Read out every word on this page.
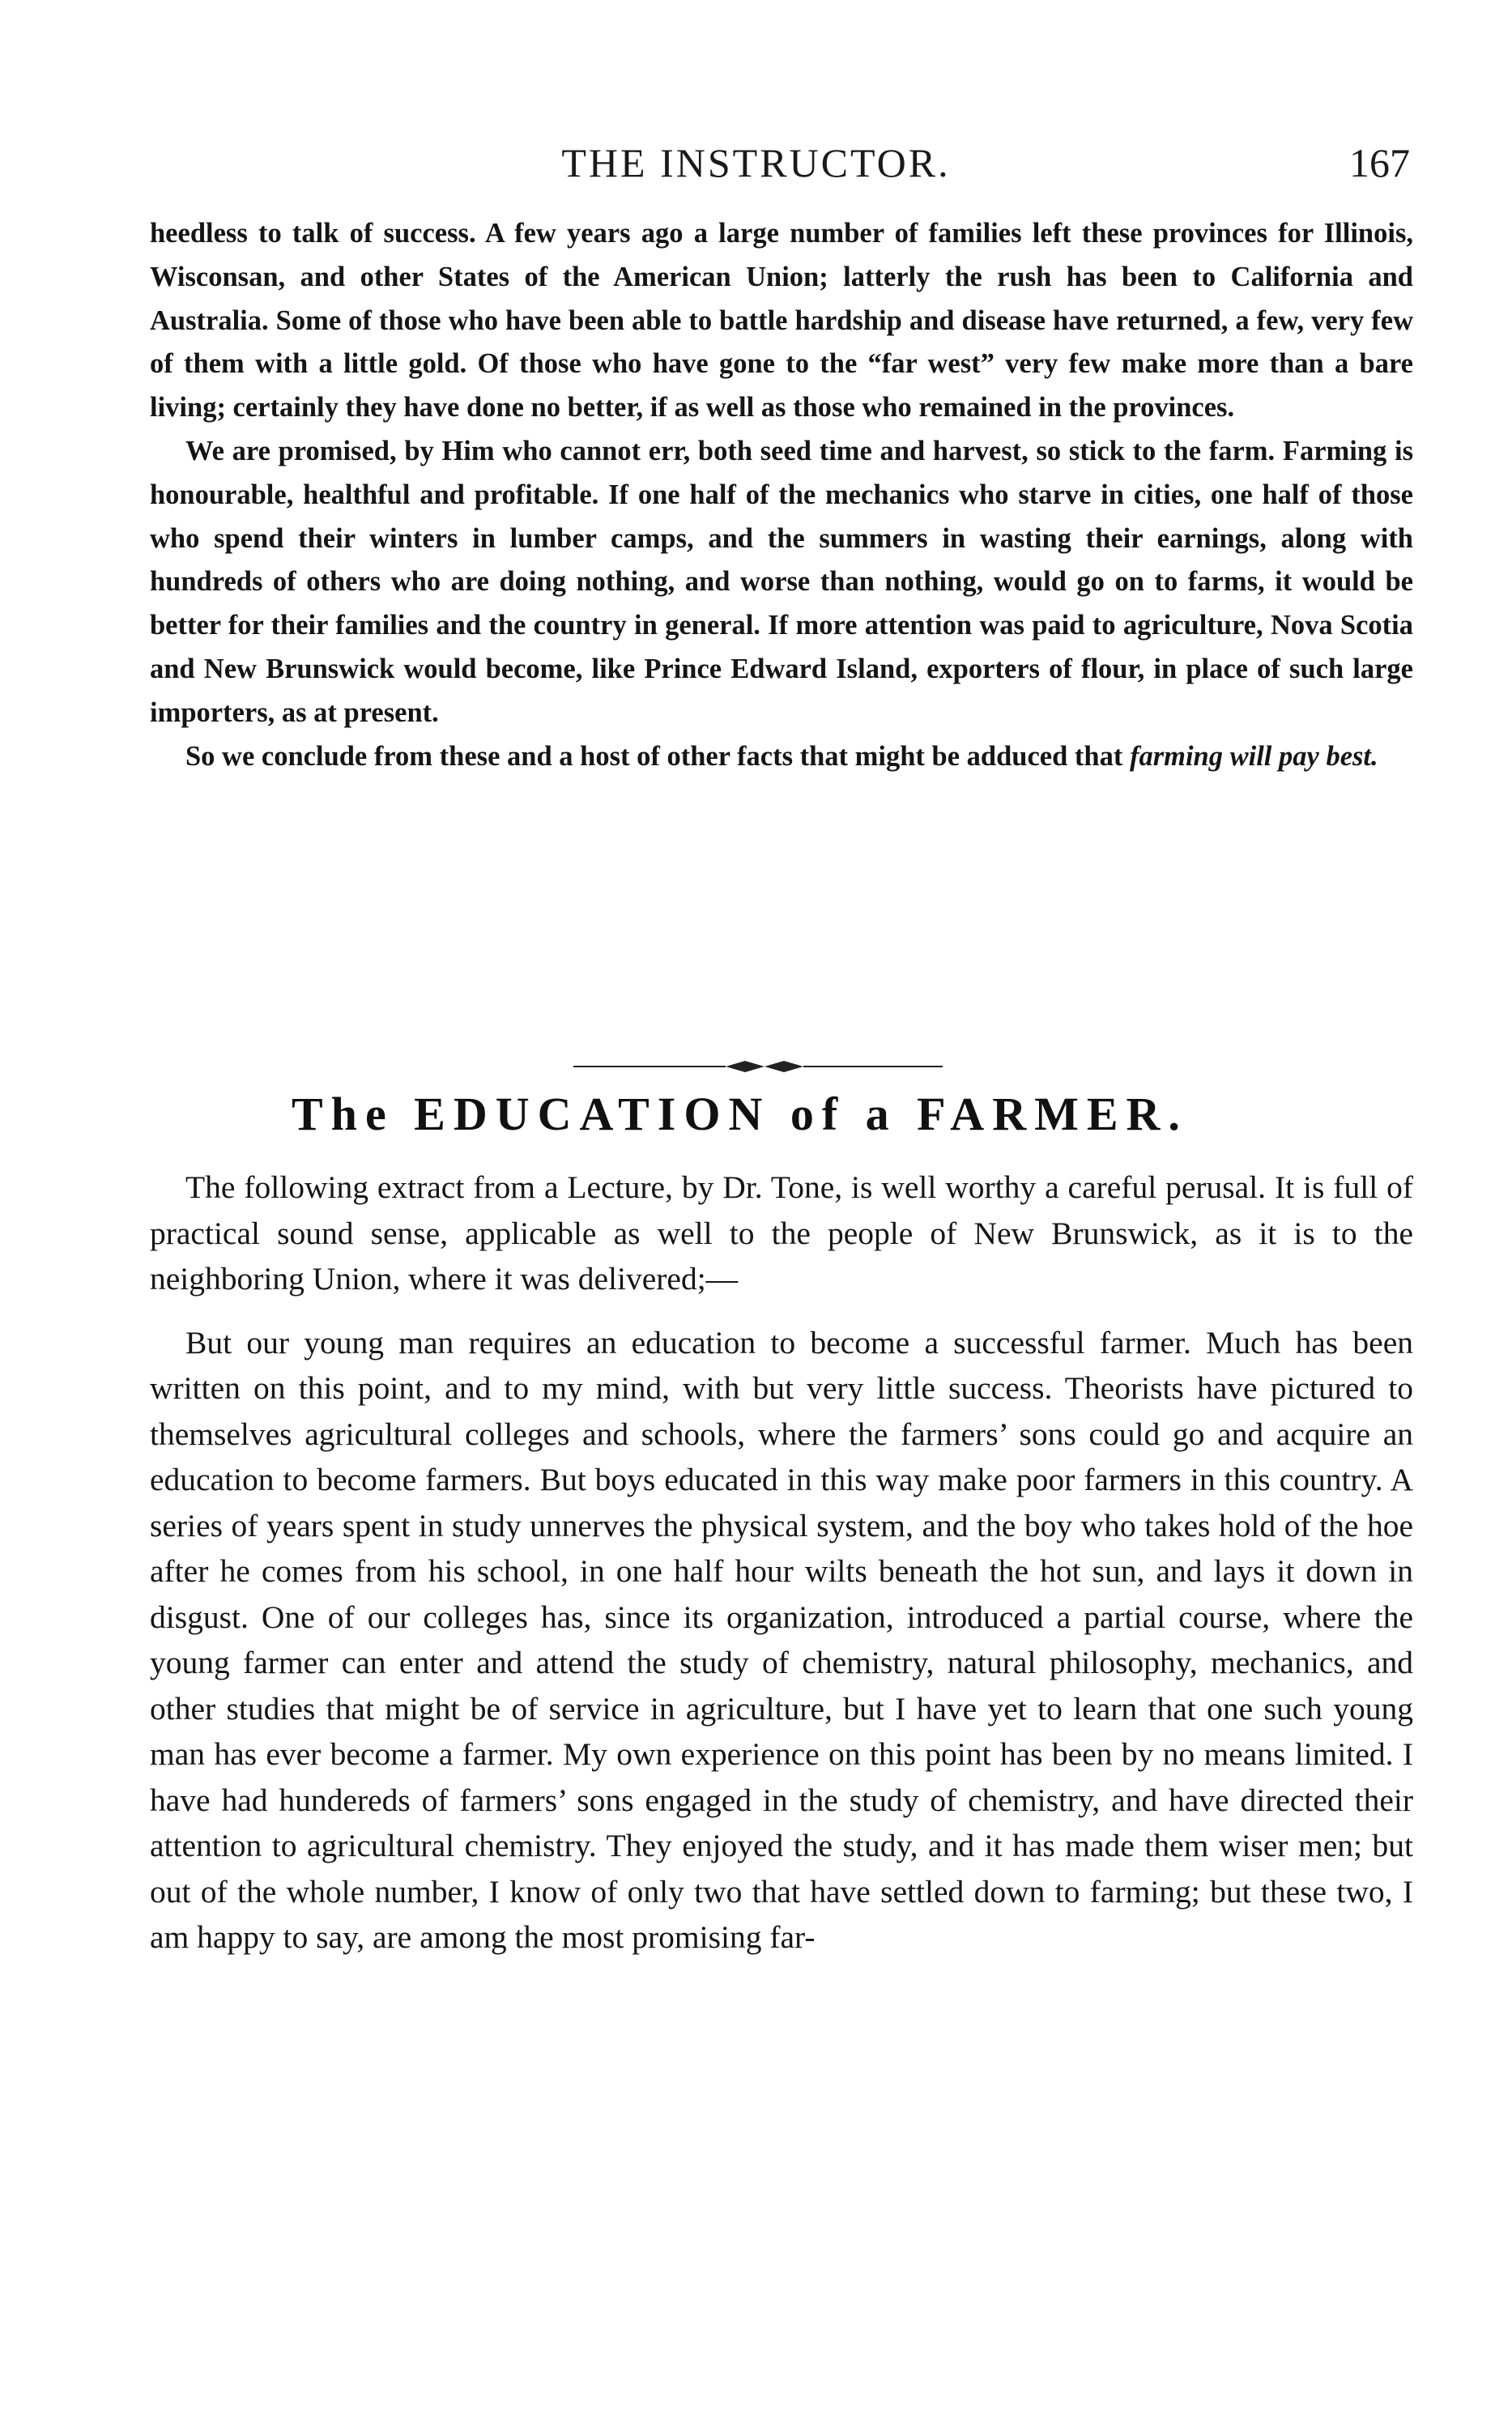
THE INSTRUCTOR.	167

heedless to talk of success. A few years ago a large number of families left these provinces for Illinois, Wisconsan, and other States of the American Union; latterly the rush has been to California and Australia. Some of those who have been able to battle hardship and disease have returned, a few, very few of them with a little gold. Of those who have gone to the “far west” very few make more than a bare living; certainly they have done no better, if as well as those who remained in the provinces.

We are promised, by Him who cannot err, both seed time and harvest, so stick to the farm. Farming is honourable, healthful and profitable. If one half of the mechanics who starve in cities, one half of those who spend their winters in lumber camps, and the summers in wasting their earnings, along with hundreds of others who are doing nothing, and worse than nothing, would go on to farms, it would be better for their families and the country in general. If more attention was paid to agriculture, Nova Scotia and New Brunswick would become, like Prince Edward Island, exporters of flour, in place of such large importers, as at present.

So we conclude from these and a host of other facts that might be adduced that farming will pay best.

The EDUCATION of a FARMER.

The following extract from a Lecture, by Dr. Tone, is well worthy a careful perusal. It is full of practical sound sense, applicable as well to the people of New Brunswick, as it is to the neighboring Union, where it was delivered;—

But our young man requires an education to become a successful farmer. Much has been written on this point, and to my mind, with but very little success. Theorists have pictured to themselves agricultural colleges and schools, where the farmers’ sons could go and acquire an education to become farmers. But boys educated in this way make poor farmers in this country. A series of years spent in study unnerves the physical system, and the boy who takes hold of the hoe after he comes from his school, in one half hour wilts beneath the hot sun, and lays it down in disgust. One of our colleges has, since its organization, introduced a partial course, where the young farmer can enter and attend the study of chemistry, natural philosophy, mechanics, and other studies that might be of service in agriculture, but I have yet to learn that one such young man has ever become a farmer. My own experience on this point has been by no means limited. I have had hundereds of farmers’ sons engaged in the study of chemistry, and have directed their attention to agricultural chemistry. They enjoyed the study, and it has made them wiser men; but out of the whole number, I know of only two that have settled down to farming; but these two, I am happy to say, are among the most promising far-
